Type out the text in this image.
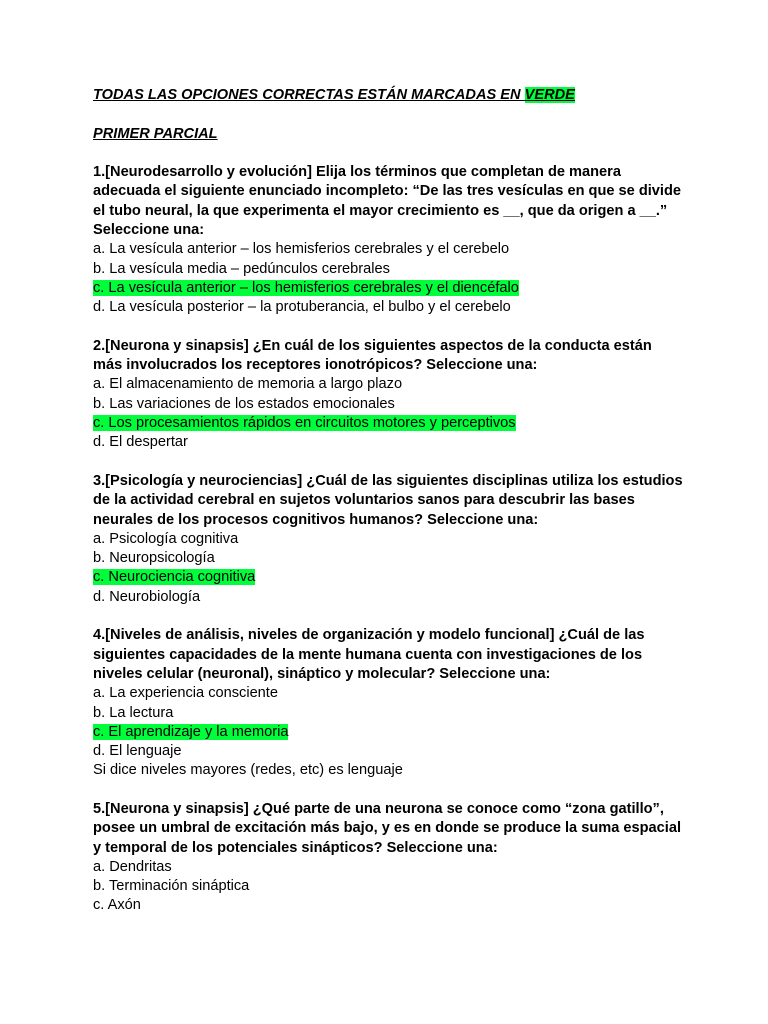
TODAS LAS OPCIONES CORRECTAS ESTÁN MARCADAS EN VERDE
PRIMER PARCIAL
1.[Neurodesarrollo y evolución] Elija los términos que completan de manera adecuada el siguiente enunciado incompleto: “De las tres vesículas en que se divide el tubo neural, la que experimenta el mayor crecimiento es __, que da origen a __.” Seleccione una:
a. La vesícula anterior – los hemisferios cerebrales y el cerebelo
b. La vesícula media – pedúnculos cerebrales
c. La vesícula anterior – los hemisferios cerebrales y el diencéfalo
d. La vesícula posterior – la protuberancia, el bulbo y el cerebelo
2.[Neurona y sinapsis] ¿En cuál de los siguientes aspectos de la conducta están más involucrados los receptores ionotrópicos? Seleccione una:
a. El almacenamiento de memoria a largo plazo
b. Las variaciones de los estados emocionales
c. Los procesamientos rápidos en circuitos motores y perceptivos
d. El despertar
3.[Psicología y neurociencias] ¿Cuál de las siguientes disciplinas utiliza los estudios de la actividad cerebral en sujetos voluntarios sanos para descubrir las bases neurales de los procesos cognitivos humanos? Seleccione una:
a. Psicología cognitiva
b. Neuropsicología
c. Neurociencia cognitiva
d. Neurobiología
4.[Niveles de análisis, niveles de organización y modelo funcional] ¿Cuál de las siguientes capacidades de la mente humana cuenta con investigaciones de los niveles celular (neuronal), sináptico y molecular? Seleccione una:
a. La experiencia consciente
b. La lectura
c. El aprendizaje y la memoria
d. El lenguaje
Si dice niveles mayores (redes, etc) es lenguaje
5.[Neurona y sinapsis] ¿Qué parte de una neurona se conoce como “zona gatillo”, posee un umbral de excitación más bajo, y es en donde se produce la suma espacial y temporal de los potenciales sinápticos? Seleccione una:
a. Dendritas
b. Terminación sináptica
c. Axón
